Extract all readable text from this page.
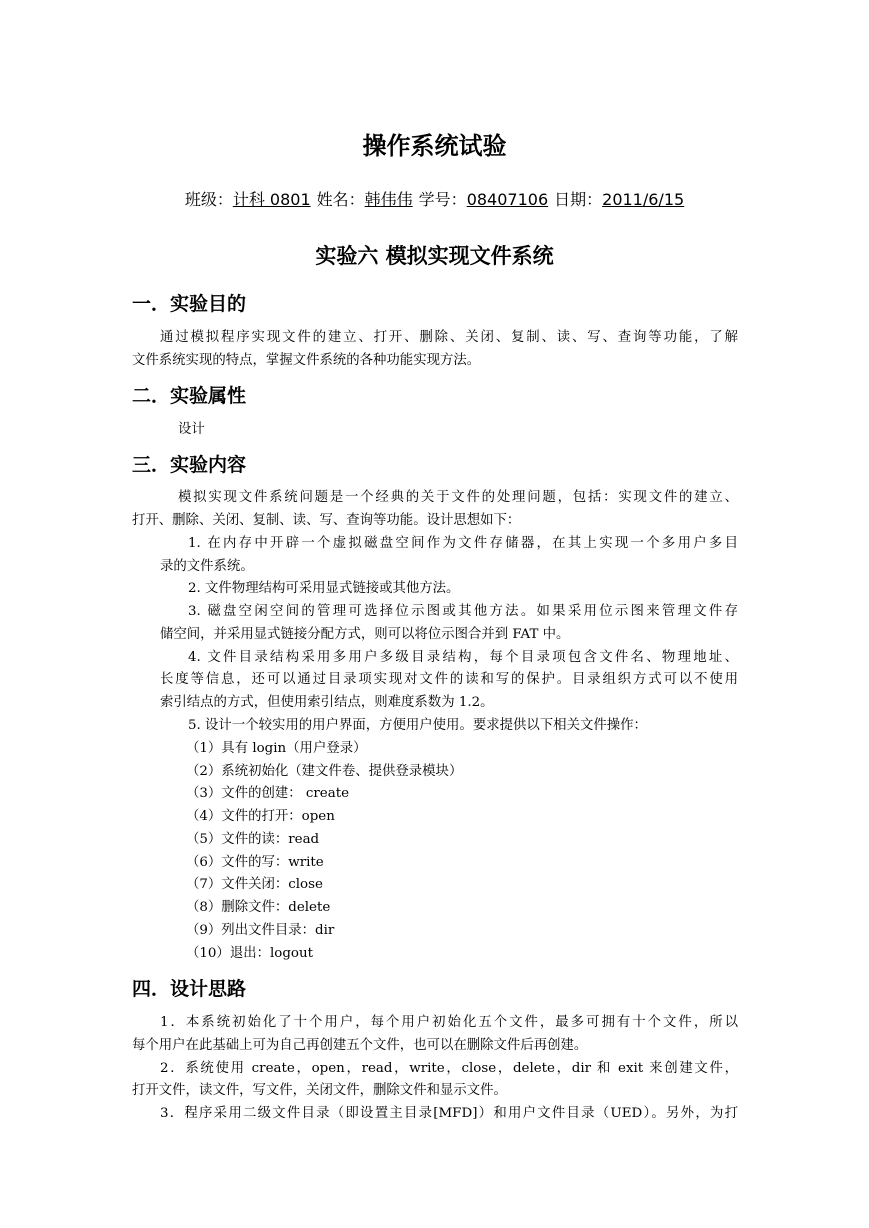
操作系统试验
班级：计科 0801 姓名：韩伟伟 学号：08407106 日期：2011/6/15
实验六 模拟实现文件系统
一．实验目的
通过模拟程序实现文件的建立、打开、删除、关闭、复制、读、写、查询等功能，了解
文件系统实现的特点，掌握文件系统的各种功能实现方法。
二．实验属性
设计
三．实验内容
模拟实现文件系统问题是一个经典的关于文件的处理问题，包括：实现文件的建立、
打开、删除、关闭、复制、读、写、查询等功能。设计思想如下：
1. 在内存中开辟一个虚拟磁盘空间作为文件存储器，在其上实现一个多用户多目
录的文件系统。
2. 文件物理结构可采用显式链接或其他方法。
3. 磁盘空闲空间的管理可选择位示图或其他方法。如果采用位示图来管理文件存
储空间，并采用显式链接分配方式，则可以将位示图合并到 FAT 中。
4. 文件目录结构采用多用户多级目录结构，每个目录项包含文件名、物理地址、
长度等信息，还可以通过目录项实现对文件的读和写的保护。目录组织方式可以不使用
索引结点的方式，但使用索引结点，则难度系数为 1.2。
5. 设计一个较实用的用户界面，方便用户使用。要求提供以下相关文件操作：
（1）具有 login（用户登录）
（2）系统初始化（建文件卷、提供登录模块）
（3）文件的创建： create
（4）文件的打开：open
（5）文件的读：read
（6）文件的写：write
（7）文件关闭：close
（8）删除文件：delete
（9）列出文件目录：dir
（10）退出：logout
四．设计思路
1．本系统初始化了十个用户，每个用户初始化五个文件，最多可拥有十个文件，所以
每个用户在此基础上可为自己再创建五个文件，也可以在删除文件后再创建。
2．系统使用 create，open，read，write，close，delete，dir 和 exit 来创建文件，
打开文件，读文件，写文件，关闭文件，删除文件和显示文件。
3．程序采用二级文件目录（即设置主目录[MFD]）和用户文件目录（UED）。另外，为打
